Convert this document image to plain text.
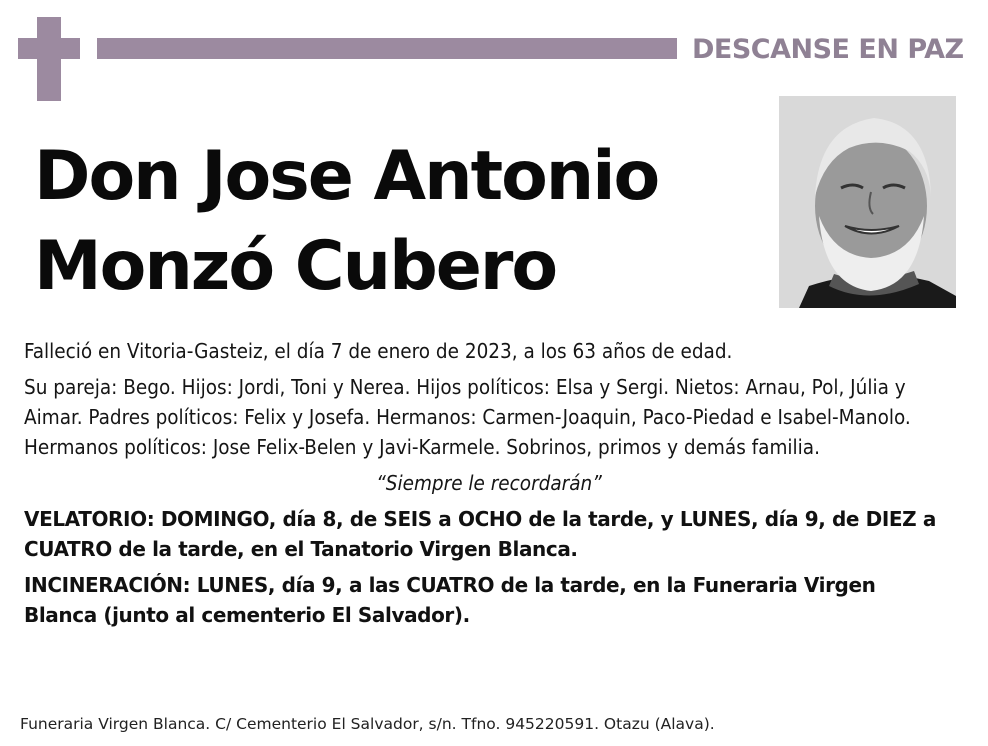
DESCANSE EN PAZ
Don Jose Antonio
Monzó Cubero

Falleció en Vitoria-Gasteiz, el día 7 de enero de 2023, a los 63 años de edad.

Su pareja: Bego. Hijos: Jordi, Toni y Nerea. Hijos políticos: Elsa y Sergi. Nietos: Arnau, Pol, Júlia y Aimar. Padres políticos: Felix y Josefa. Hermanos: Carmen-Joaquin, Paco-Piedad e Isabel-Manolo. Hermanos políticos: Jose Felix-Belen y Javi-Karmele. Sobrinos, primos y demás familia.

“Siempre le recordarán”

VELATORIO: DOMINGO, día 8, de SEIS a OCHO de la tarde, y LUNES, día 9, de DIEZ a CUATRO de la tarde, en el Tanatorio Virgen Blanca.

INCINERACIÓN: LUNES, día 9, a las CUATRO de la tarde, en la Funeraria Virgen Blanca (junto al cementerio El Salvador).

Funeraria Virgen Blanca. C/ Cementerio El Salvador, s/n. Tfno. 945220591. Otazu (Alava).
